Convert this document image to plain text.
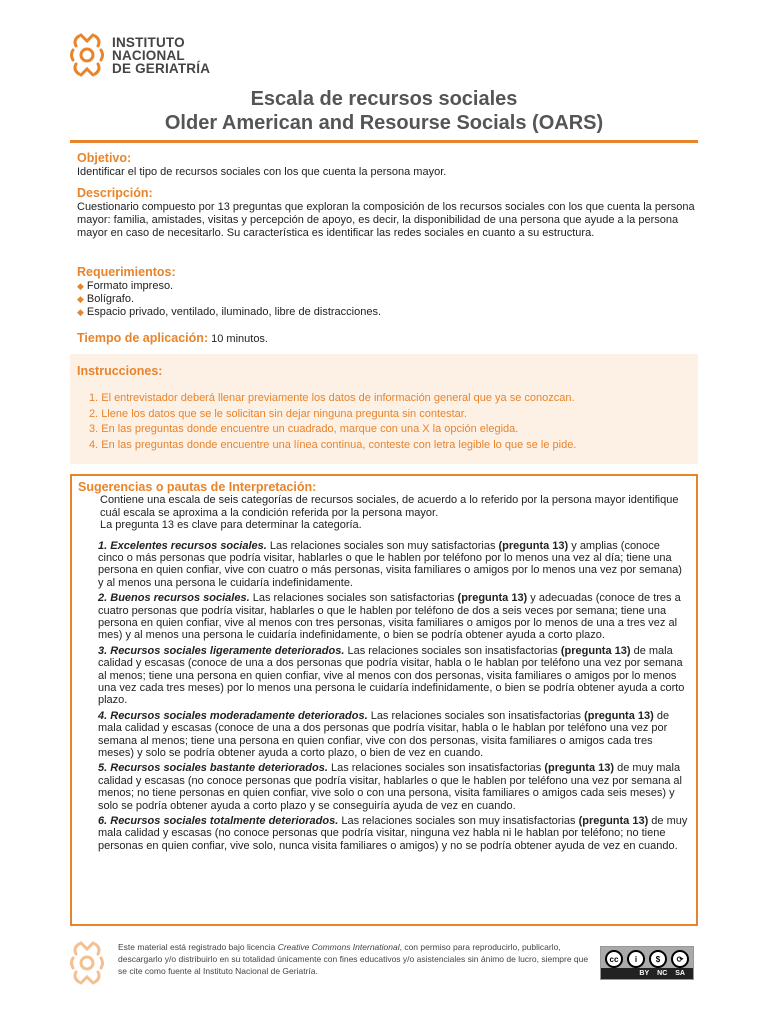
INSTITUTO
NACIONAL
DE GERIATRÍA
Escala de recursos sociales
Older American and Resourse Socials (OARS)
Objetivo:
Identificar el tipo de recursos sociales con los que cuenta la persona mayor.
Descripción:
Cuestionario compuesto por 13 preguntas que exploran la composición de los recursos sociales con los que cuenta la persona mayor: familia, amistades, visitas y percepción de apoyo, es decir, la disponibilidad de una persona que ayude a la persona mayor en caso de necesitarlo. Su característica es identificar las redes sociales en cuanto a su estructura.
Requerimientos:
◆ Formato impreso.
◆ Bolígrafo.
◆ Espacio privado, ventilado, iluminado, libre de distracciones.
Tiempo de aplicación: 10 minutos.
Instrucciones:
1. El entrevistador deberá llenar previamente los datos de información general que ya se conozcan.
2. Llene los datos que se le solicitan sin dejar ninguna pregunta sin contestar.
3. En las preguntas donde encuentre un cuadrado, marque con una X la opción elegida.
4. En las preguntas donde encuentre una línea continua, conteste con letra legible lo que se le pide.
Sugerencias o pautas de Interpretación:
Contiene una escala de seis categorías de recursos sociales, de acuerdo a lo referido por la persona mayor identifique cuál escala se aproxima a la condición referida por la persona mayor.
La pregunta 13 es clave para determinar la categoría.
1. Excelentes recursos sociales. Las relaciones sociales son muy satisfactorias (pregunta 13) y amplias (conoce cinco o más personas que podría visitar, hablarles o que le hablen por teléfono por lo menos una vez al día; tiene una persona en quien confiar, vive con cuatro o más personas, visita familiares o amigos por lo menos una vez por semana) y al menos una persona le cuidaría indefinidamente.
2. Buenos recursos sociales. Las relaciones sociales son satisfactorias (pregunta 13) y adecuadas (conoce de tres a cuatro personas que podría visitar, hablarles o que le hablen por teléfono de dos a seis veces por semana; tiene una persona en quien confiar, vive al menos con tres personas, visita familiares o amigos por lo menos de una a tres vez al mes) y al menos una persona le cuidaría indefinidamente, o bien se podría obtener ayuda a corto plazo.
3. Recursos sociales ligeramente deteriorados. Las relaciones sociales son insatisfactorias (pregunta 13) de mala calidad y escasas (conoce de una a dos personas que podría visitar, habla o le hablan por teléfono una vez por semana al menos; tiene una persona en quien confiar, vive al menos con dos personas, visita familiares o amigos por lo menos una vez cada tres meses) por lo menos una persona le cuidaría indefinidamente, o bien se podría obtener ayuda a corto plazo.
4. Recursos sociales moderadamente deteriorados. Las relaciones sociales son insatisfactorias (pregunta 13) de mala calidad y escasas (conoce de una a dos personas que podría visitar, habla o le hablan por teléfono una vez por semana al menos; tiene una persona en quien confiar, vive con dos personas, visita familiares o amigos cada tres meses) y solo se podría obtener ayuda a corto plazo, o bien de vez en cuando.
5. Recursos sociales bastante deteriorados. Las relaciones sociales son insatisfactorias (pregunta 13) de muy mala calidad y escasas (no conoce personas que podría visitar, hablarles o que le hablen por teléfono una vez por semana al menos; no tiene personas en quien confiar, vive solo o con una persona, visita familiares o amigos cada seis meses) y solo se podría obtener ayuda a corto plazo y se conseguiría ayuda de vez en cuando.
6. Recursos sociales totalmente deteriorados. Las relaciones sociales son muy insatisfactorias (pregunta 13) de muy mala calidad y escasas (no conoce personas que podría visitar, ninguna vez habla ni le hablan por teléfono; no tiene personas en quien confiar, vive solo, nunca visita familiares o amigos) y no se podría obtener ayuda de vez en cuando.
Este material está registrado bajo licencia Creative Commons International, con permiso para reproducirlo, publicarlo, descargarlo y/o distribuirlo en su totalidad únicamente con fines educativos y/o asistenciales sin ánimo de lucro, siempre que se cite como fuente al Instituto Nacional de Geriatría.
cc	i	$	⟳
BY NC SA
